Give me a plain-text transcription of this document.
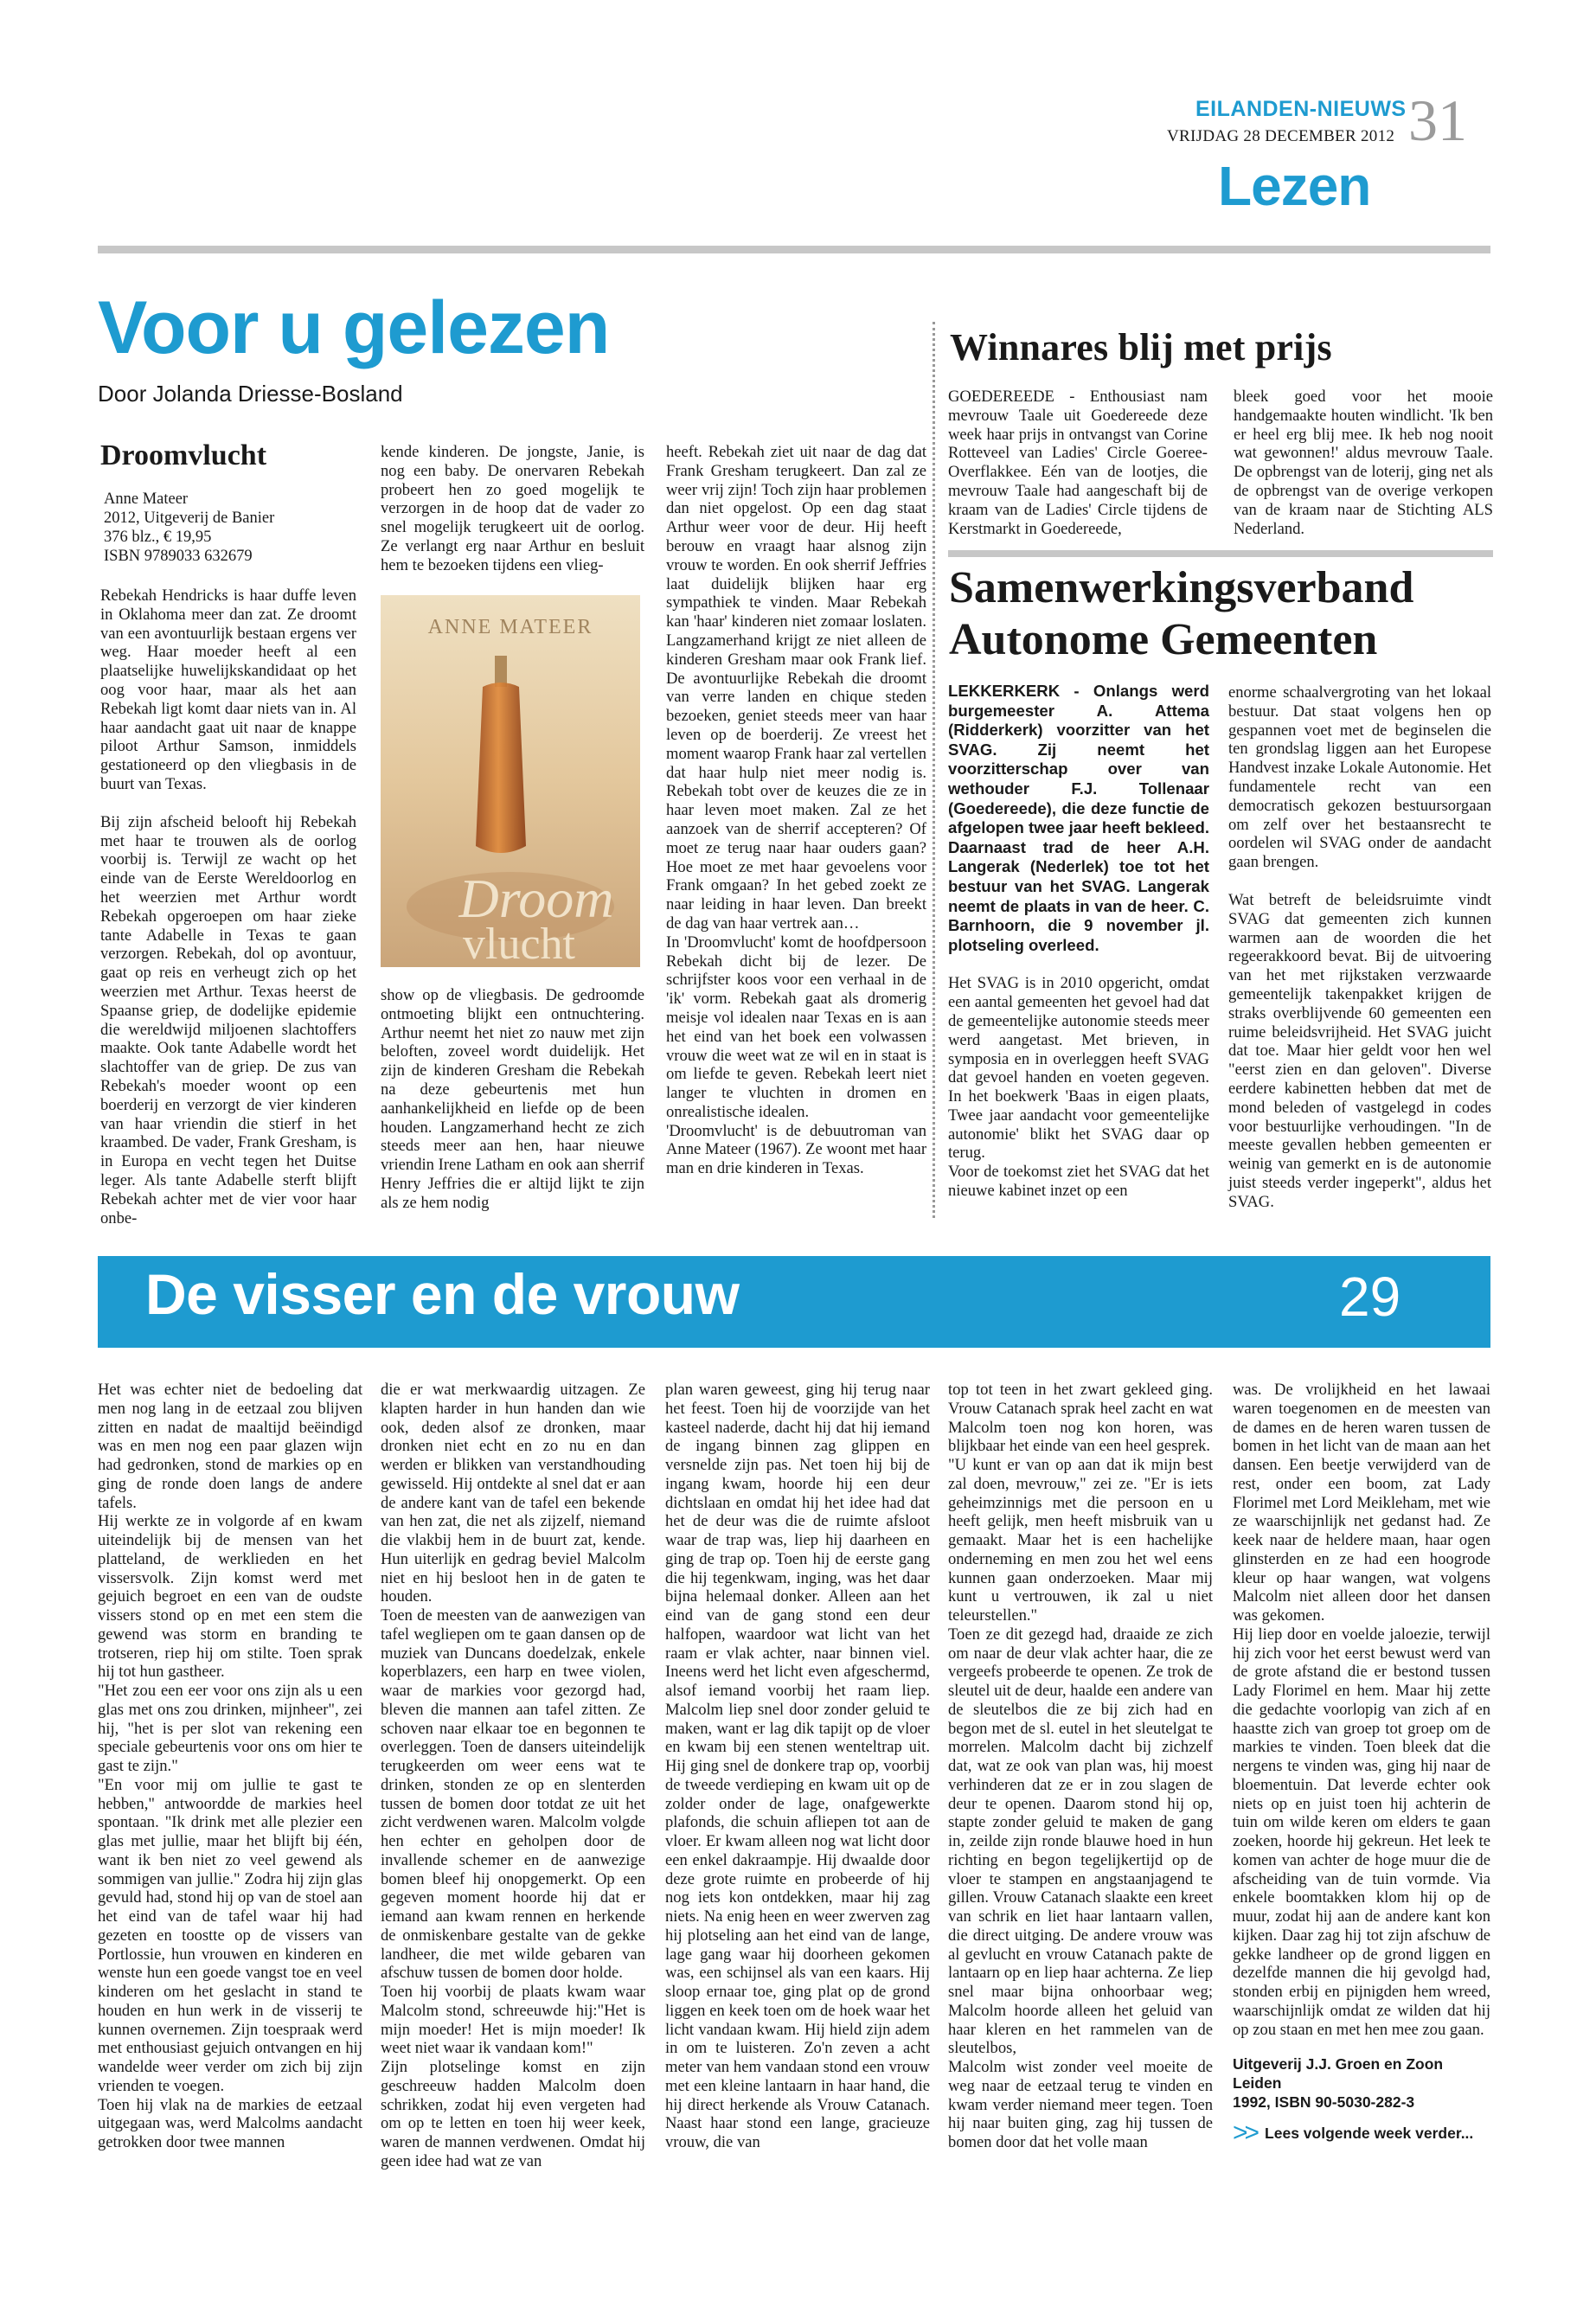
EILANDEN-NIEUWS
VRIJDAG 28 DECEMBER 2012 31
Lezen
Voor u gelezen
Door Jolanda Driesse-Bosland
Droomvlucht
Anne Mateer
2012, Uitgeverij de Banier
376 blz., € 19,95
ISBN 9789033 632679

Rebekah Hendricks is haar duffe leven in Oklahoma meer dan zat. Ze droomt van een avontuurlijk bestaan ergens ver weg. Haar moeder heeft al een plaatselijke huwelijkskandidaat op het oog voor haar, maar als het aan Rebekah ligt komt daar niets van in. Al haar aandacht gaat uit naar de knappe piloot Arthur Samson, inmiddels gestationeerd op den vliegbasis in de buurt van Texas.

Bij zijn afscheid belooft hij Rebekah met haar te trouwen als de oorlog voorbij is. Terwijl ze wacht op het einde van de Eerste Wereldoorlog en het weerzien met Arthur wordt Rebekah opgeroepen om haar zieke tante Adabelle in Texas te gaan verzorgen. Rebekah, dol op avontuur, gaat op reis en verheugt zich op het weerzien met Arthur. Texas heerst de Spaanse griep, de dodelijke epidemie die wereldwijd miljoenen slachtoffers maakte. Ook tante Adabelle wordt het slachtoffer van de griep. De zus van Rebekah's moeder woont op een boerderij en verzorgt de vier kinderen van haar vriendin die stierf in het kraambed. De vader, Frank Gresham, is in Europa en vecht tegen het Duitse leger. Als tante Adabelle sterft blijft Rebekah achter met de vier voor haar onbe-

kende kinderen. De jongste, Janie, is nog een baby. De onervaren Rebekah probeert hen zo goed mogelijk te verzorgen in de hoop dat de vader zo snel mogelijk terugkeert uit de oorlog. Ze verlangt erg naar Arthur en besluit hem te bezoeken tijdens een vlieg-

ANNE MATEER
Droom
vlucht

show op de vliegbasis. De gedroomde ontmoeting blijkt een ontnuchtering. Arthur neemt het niet zo nauw met zijn beloften, zoveel wordt duidelijk. Het zijn de kinderen Gresham die Rebekah na deze gebeurtenis met hun aanhankelijkheid en liefde op de been houden. Langzamerhand hecht ze zich steeds meer aan hen, haar nieuwe vriendin Irene Latham en ook aan sherrif Henry Jeffries die er altijd lijkt te zijn als ze hem nodig

heeft. Rebekah ziet uit naar de dag dat Frank Gresham terugkeert. Dan zal ze weer vrij zijn! Toch zijn haar problemen dan niet opgelost. Op een dag staat Arthur weer voor de deur. Hij heeft berouw en vraagt haar alsnog zijn vrouw te worden. En ook sherrif Jeffries laat duidelijk blijken haar erg sympathiek te vinden. Maar Rebekah kan 'haar' kinderen niet zomaar loslaten. Langzamerhand krijgt ze niet alleen de kinderen Gresham maar ook Frank lief. De avontuurlijke Rebekah die droomt van verre landen en chique steden bezoeken, geniet steeds meer van haar leven op de boerderij. Ze vreest het moment waarop Frank haar zal vertellen dat haar hulp niet meer nodig is. Rebekah tobt over de keuzes die ze in haar leven moet maken. Zal ze het aanzoek van de sherrif accepteren? Of moet ze terug naar haar ouders gaan? Hoe moet ze met haar gevoelens voor Frank omgaan? In het gebed zoekt ze naar leiding in haar leven. Dan breekt de dag van haar vertrek aan…

In 'Droomvlucht' komt de hoofdpersoon Rebekah dicht bij de lezer. De schrijfster koos voor een verhaal in de 'ik' vorm. Rebekah gaat als dromerig meisje vol idealen naar Texas en is aan het eind van het boek een volwassen vrouw die weet wat ze wil en in staat is om liefde te geven. Rebekah leert niet langer te vluchten in dromen en onrealistische idealen.

'Droomvlucht' is de debuutroman van Anne Mateer (1967). Ze woont met haar man en drie kinderen in Texas.

Winnares blij met prijs

GOEDEREEDE - Enthousiast nam mevrouw Taale uit Goedereede deze week haar prijs in ontvangst van Corine Rotteveel van Ladies' Circle Goeree-Overflakkee. Eén van de lootjes, die mevrouw Taale had aangeschaft bij de kraam van de Ladies' Circle tijdens de Kerstmarkt in Goedereede,

bleek goed voor het mooie handgemaakte houten windlicht. 'Ik ben er heel erg blij mee. Ik heb nog nooit wat gewonnen!' aldus mevrouw Taale. De opbrengst van de loterij, ging net als de opbrengst van de overige verkopen van de kraam naar de Stichting ALS Nederland.

Samenwerkingsverband
Autonome Gemeenten

LEKKERKERK - Onlangs werd burgemeester A. Attema (Ridderkerk) voorzitter van het SVAG. Zij neemt het voorzitterschap over van wethouder F.J. Tollenaar (Goedereede), die deze functie de afgelopen twee jaar heeft bekleed. Daarnaast trad de heer A.H. Langerak (Nederlek) toe tot het bestuur van het SVAG. Langerak neemt de plaats in van de heer. C. Barnhoorn, die 9 november jl. plotseling overleed.

Het SVAG is in 2010 opgericht, omdat een aantal gemeenten het gevoel had dat de gemeentelijke autonomie steeds meer werd aangetast. Met brieven, in symposia en in overleggen heeft SVAG dat gevoel handen en voeten gegeven. In het boekwerk 'Baas in eigen plaats, Twee jaar aandacht voor gemeentelijke autonomie' blikt het SVAG daar op terug.

Voor de toekomst ziet het SVAG dat het nieuwe kabinet inzet op een

enorme schaalvergroting van het lokaal bestuur. Dat staat volgens hen op gespannen voet met de beginselen die ten grondslag liggen aan het Europese Handvest inzake Lokale Autonomie. Het fundamentele recht van een democratisch gekozen bestuursorgaan om zelf over het bestaansrecht te oordelen wil SVAG onder de aandacht gaan brengen.

Wat betreft de beleidsruimte vindt SVAG dat gemeenten zich kunnen warmen aan de woorden die het regeerakkoord bevat. Bij de uitvoering van het met rijkstaken verzwaarde gemeentelijk takenpakket krijgen de straks overblijvende 60 gemeenten een ruime beleidsvrijheid. Het SVAG juicht dat toe. Maar hier geldt voor hen wel "eerst zien en dan geloven". Diverse eerdere kabinetten hebben dat met de mond beleden of vastgelegd in codes voor bestuurlijke verhoudingen. "In de meeste gevallen hebben gemeenten er weinig van gemerkt en is de autonomie juist steeds verder ingeperkt", aldus het SVAG.

De visser en de vrouw	29

Het was echter niet de bedoeling dat men nog lang in de eetzaal zou blijven zitten en nadat de maaltijd beëindigd was en men nog een paar glazen wijn had gedronken, stond de markies op en ging de ronde doen langs de andere tafels.

Hij werkte ze in volgorde af en kwam uiteindelijk bij de mensen van het platteland, de werklieden en het vissersvolk. Zijn komst werd met gejuich begroet en een van de oudste vissers stond op en met een stem die gewend was storm en branding te trotseren, riep hij om stilte. Toen sprak hij tot hun gastheer.

"Het zou een eer voor ons zijn als u een glas met ons zou drinken, mijnheer", zei hij, "het is per slot van rekening een speciale gebeurtenis voor ons om hier te gast te zijn."

"En voor mij om jullie te gast te hebben," antwoordde de markies heel spontaan. "Ik drink met alle plezier een glas met jullie, maar het blijft bij één, want ik ben niet zo veel gewend als sommigen van jullie." Zodra hij zijn glas gevuld had, stond hij op van de stoel aan het eind van de tafel waar hij had gezeten en toostte op de vissers van Portlossie, hun vrouwen en kinderen en wenste hun een goede vangst toe en veel kinderen om het geslacht in stand te houden en hun werk in de visserij te kunnen overnemen. Zijn toespraak werd met enthousiast gejuich ontvangen en hij wandelde weer verder om zich bij zijn vrienden te voegen.

Toen hij vlak na de markies de eetzaal uitgegaan was, werd Malcolms aandacht getrokken door twee mannen

die er wat merkwaardig uitzagen. Ze klapten harder in hun handen dan wie ook, deden alsof ze dronken, maar dronken niet echt en zo nu en dan werden er blikken van verstandhouding gewisseld. Hij ontdekte al snel dat er aan de andere kant van de tafel een bekende van hen zat, die net als zijzelf, niemand die vlakbij hem in de buurt zat, kende. Hun uiterlijk en gedrag beviel Malcolm niet en hij besloot hen in de gaten te houden.

Toen de meesten van de aanwezigen van tafel wegliepen om te gaan dansen op de muziek van Duncans doedelzak, enkele koperblazers, een harp en twee violen, waar de markies voor gezorgd had, bleven die mannen aan tafel zitten. Ze schoven naar elkaar toe en begonnen te overleggen. Toen de dansers uiteindelijk terugkeerden om weer eens wat te drinken, stonden ze op en slenterden tussen de bomen door totdat ze uit het zicht verdwenen waren. Malcolm volgde hen echter en geholpen door de invallende schemer en de aanwezige bomen bleef hij onopgemerkt. Op een gegeven moment hoorde hij dat er iemand aan kwam rennen en herkende de onmiskenbare gestalte van de gekke landheer, die met wilde gebaren van afschuw tussen de bomen door holde.

Toen hij voorbij de plaats kwam waar Malcolm stond, schreeuwde hij:"Het is mijn moeder! Het is mijn moeder! Ik weet niet waar ik vandaan kom!"

Zijn plotselinge komst en zijn geschreeuw hadden Malcolm doen schrikken, zodat hij even vergeten had om op te letten en toen hij weer keek, waren de mannen verdwenen. Omdat hij geen idee had wat ze van

plan waren geweest, ging hij terug naar het feest. Toen hij de voorzijde van het kasteel naderde, dacht hij dat hij iemand de ingang binnen zag glippen en versnelde zijn pas. Net toen hij bij de ingang kwam, hoorde hij een deur dichtslaan en omdat hij het idee had dat het de deur was die de ruimte afsloot waar de trap was, liep hij daarheen en ging de trap op. Toen hij de eerste gang die hij tegenkwam, inging, was het daar bijna helemaal donker. Alleen aan het eind van de gang stond een deur halfopen, waardoor wat licht van het raam er vlak achter, naar binnen viel. Ineens werd het licht even afgeschermd, alsof iemand voorbij het raam liep. Malcolm liep snel door zonder geluid te maken, want er lag dik tapijt op de vloer en kwam bij een stenen wenteltrap uit. Hij ging snel de donkere trap op, voorbij de tweede verdieping en kwam uit op de zolder onder de lage, onafgewerkte plafonds, die schuin afliepen tot aan de vloer. Er kwam alleen nog wat licht door een enkel dakraampje. Hij dwaalde door deze grote ruimte en probeerde of hij nog iets kon ontdekken, maar hij zag niets. Na enig heen en weer zwerven zag hij plotseling aan het eind van de lange, lage gang waar hij doorheen gekomen was, een schijnsel als van een kaars. Hij sloop ernaar toe, ging plat op de grond liggen en keek toen om de hoek waar het licht vandaan kwam. Hij hield zijn adem in om te luisteren. Zo'n zeven a acht meter van hem vandaan stond een vrouw met een kleine lantaarn in haar hand, die hij direct herkende als Vrouw Catanach. Naast haar stond een lange, gracieuze vrouw, die van

top tot teen in het zwart gekleed ging. Vrouw Catanach sprak heel zacht en wat Malcolm toen nog kon horen, was blijkbaar het einde van een heel gesprek.

"U kunt er van op aan dat ik mijn best zal doen, mevrouw," zei ze. "Er is iets geheimzinnigs met die persoon en u heeft gelijk, men heeft misbruik van u gemaakt. Maar het is een hachelijke onderneming en men zou het wel eens kunnen gaan onderzoeken. Maar mij kunt u vertrouwen, ik zal u niet teleurstellen."

Toen ze dit gezegd had, draaide ze zich om naar de deur vlak achter haar, die ze vergeefs probeerde te openen. Ze trok de sleutel uit de deur, haalde een andere van de sleutelbos die ze bij zich had en begon met de sl. eutel in het sleutelgat te morrelen. Malcolm dacht bij zichzelf dat, wat ze ook van plan was, hij moest verhinderen dat ze er in zou slagen de deur te openen. Daarom stond hij op, stapte zonder geluid te maken de gang in, zeilde zijn ronde blauwe hoed in hun richting en begon tegelijkertijd op de vloer te stampen en angstaanjagend te gillen. Vrouw Catanach slaakte een kreet van schrik en liet haar lantaarn vallen, die direct uitging. De andere vrouw was al gevlucht en vrouw Catanach pakte de lantaarn op en liep haar achterna. Ze liep snel maar bijna onhoorbaar weg; Malcolm hoorde alleen het geluid van haar kleren en het rammelen van de sleutelbos,

Malcolm wist zonder veel moeite de weg naar de eetzaal terug te vinden en kwam verder niemand meer tegen. Toen hij naar buiten ging, zag hij tussen de bomen door dat het volle maan

was. De vrolijkheid en het lawaai waren toegenomen en de meesten van de dames en de heren waren tussen de bomen in het licht van de maan aan het dansen. Een beetje verwijderd van de rest, onder een boom, zat Lady Florimel met Lord Meikleham, met wie ze waarschijnlijk net gedanst had. Ze keek naar de heldere maan, haar ogen glinsterden en ze had een hoogrode kleur op haar wangen, wat volgens Malcolm niet alleen door het dansen was gekomen.

Hij liep door en voelde jaloezie, terwijl hij zich voor het eerst bewust werd van de grote afstand die er bestond tussen Lady Florimel en hem. Maar hij zette die gedachte voorlopig van zich af en haastte zich van groep tot groep om de markies te vinden. Toen bleek dat die nergens te vinden was, ging hij naar de bloementuin. Dat leverde echter ook niets op en juist toen hij achterin de tuin om wilde keren om elders te gaan zoeken, hoorde hij gekreun. Het leek te komen van achter de hoge muur die de afscheiding van de tuin vormde. Via enkele boomtakken klom hij op de muur, zodat hij aan de andere kant kon kijken. Daar zag hij tot zijn afschuw de gekke landheer op de grond liggen en dezelfde mannen die hij gevolgd had, stonden erbij en pijnigden hem wreed, waarschijnlijk omdat ze wilden dat hij op zou staan en met hen mee zou gaan.

Uitgeverij J.J. Groen en Zoon Leiden
1992, ISBN 90-5030-282-3
>> Lees volgende week verder...
